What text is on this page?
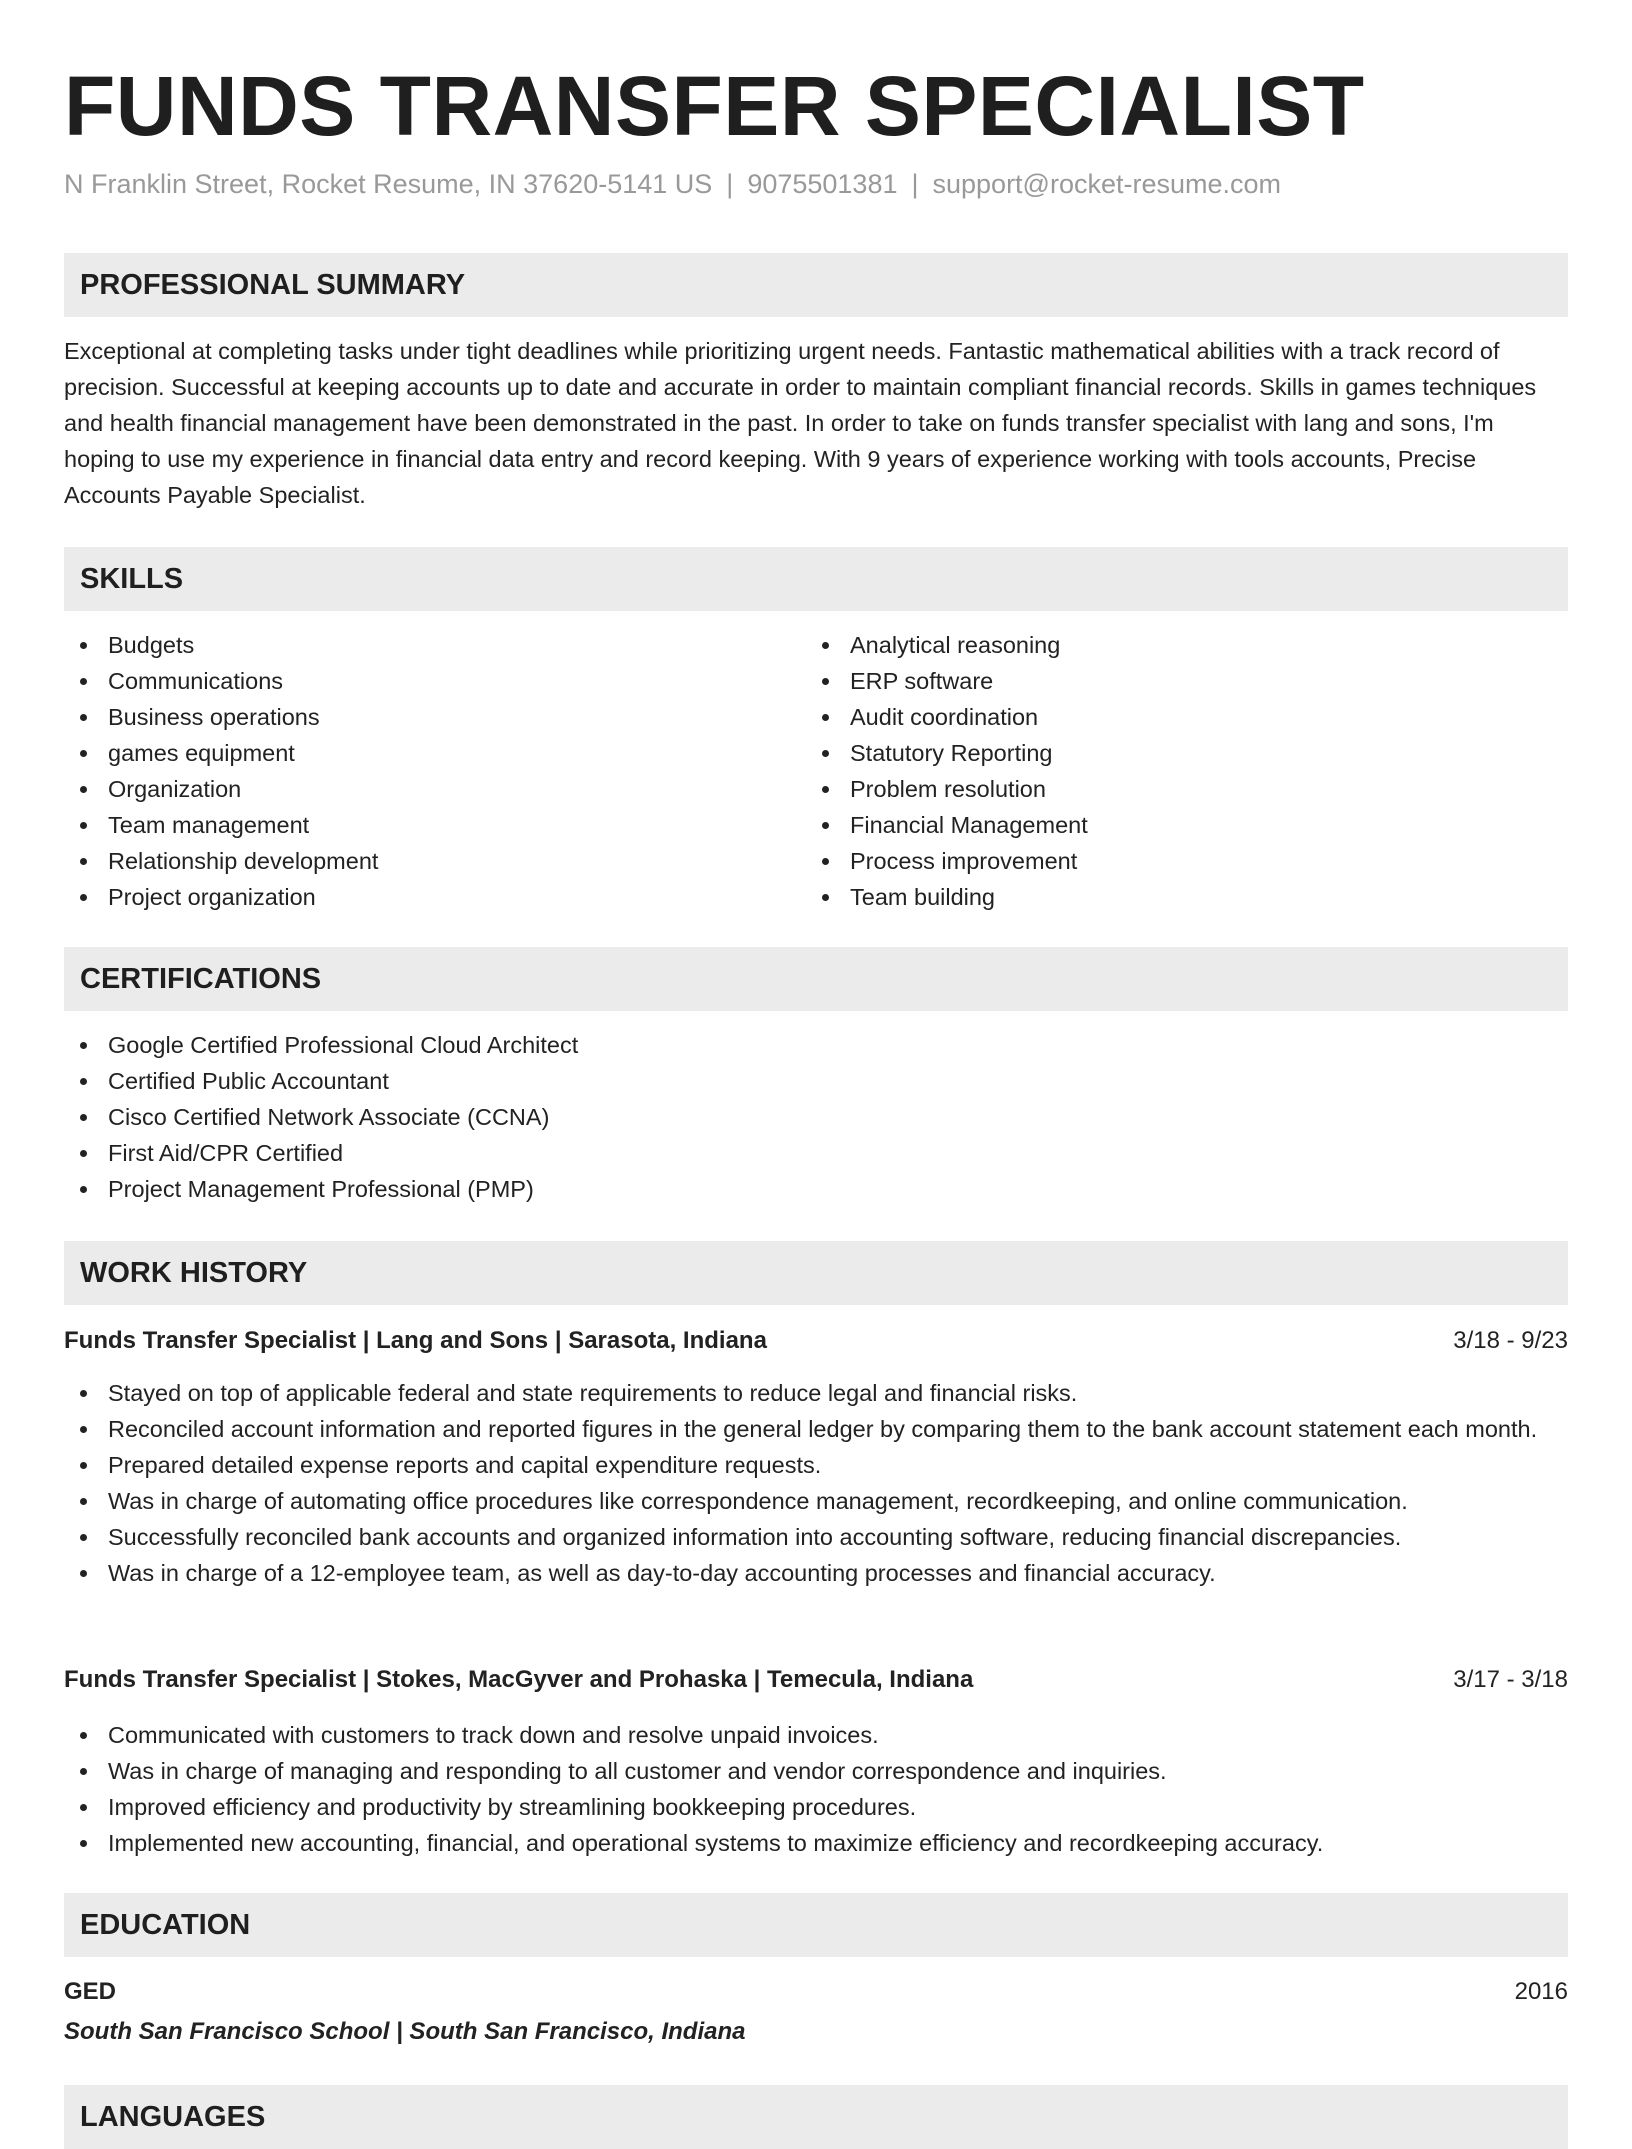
FUNDS TRANSFER SPECIALIST
N Franklin Street, Rocket Resume, IN 37620-5141 US | 9075501381 | support@rocket-resume.com
PROFESSIONAL SUMMARY

Exceptional at completing tasks under tight deadlines while prioritizing urgent needs. Fantastic mathematical abilities with a track record of precision. Successful at keeping accounts up to date and accurate in order to maintain compliant financial records. Skills in games techniques and health financial management have been demonstrated in the past. In order to take on funds transfer specialist with lang and sons, I'm hoping to use my experience in financial data entry and record keeping. With 9 years of experience working with tools accounts, Precise Accounts Payable Specialist.

SKILLS
Budgets
Communications
Business operations
games equipment
Organization
Team management
Relationship development
Project organization
Analytical reasoning
ERP software
Audit coordination
Statutory Reporting
Problem resolution
Financial Management
Process improvement
Team building
CERTIFICATIONS
Google Certified Professional Cloud Architect
Certified Public Accountant
Cisco Certified Network Associate (CCNA)
First Aid/CPR Certified
Project Management Professional (PMP)
WORK HISTORY
Funds Transfer Specialist | Lang and Sons | Sarasota, Indiana	3/18 - 9/23
Stayed on top of applicable federal and state requirements to reduce legal and financial risks.
Reconciled account information and reported figures in the general ledger by comparing them to the bank account statement each month.
Prepared detailed expense reports and capital expenditure requests.
Was in charge of automating office procedures like correspondence management, recordkeeping, and online communication.
Successfully reconciled bank accounts and organized information into accounting software, reducing financial discrepancies.
Was in charge of a 12-employee team, as well as day-to-day accounting processes and financial accuracy.
Funds Transfer Specialist | Stokes, MacGyver and Prohaska | Temecula, Indiana	3/17 - 3/18
Communicated with customers to track down and resolve unpaid invoices.
Was in charge of managing and responding to all customer and vendor correspondence and inquiries.
Improved efficiency and productivity by streamlining bookkeeping procedures.
Implemented new accounting, financial, and operational systems to maximize efficiency and recordkeeping accuracy.
EDUCATION
GED	2016
South San Francisco School | South San Francisco, Indiana
LANGUAGES
